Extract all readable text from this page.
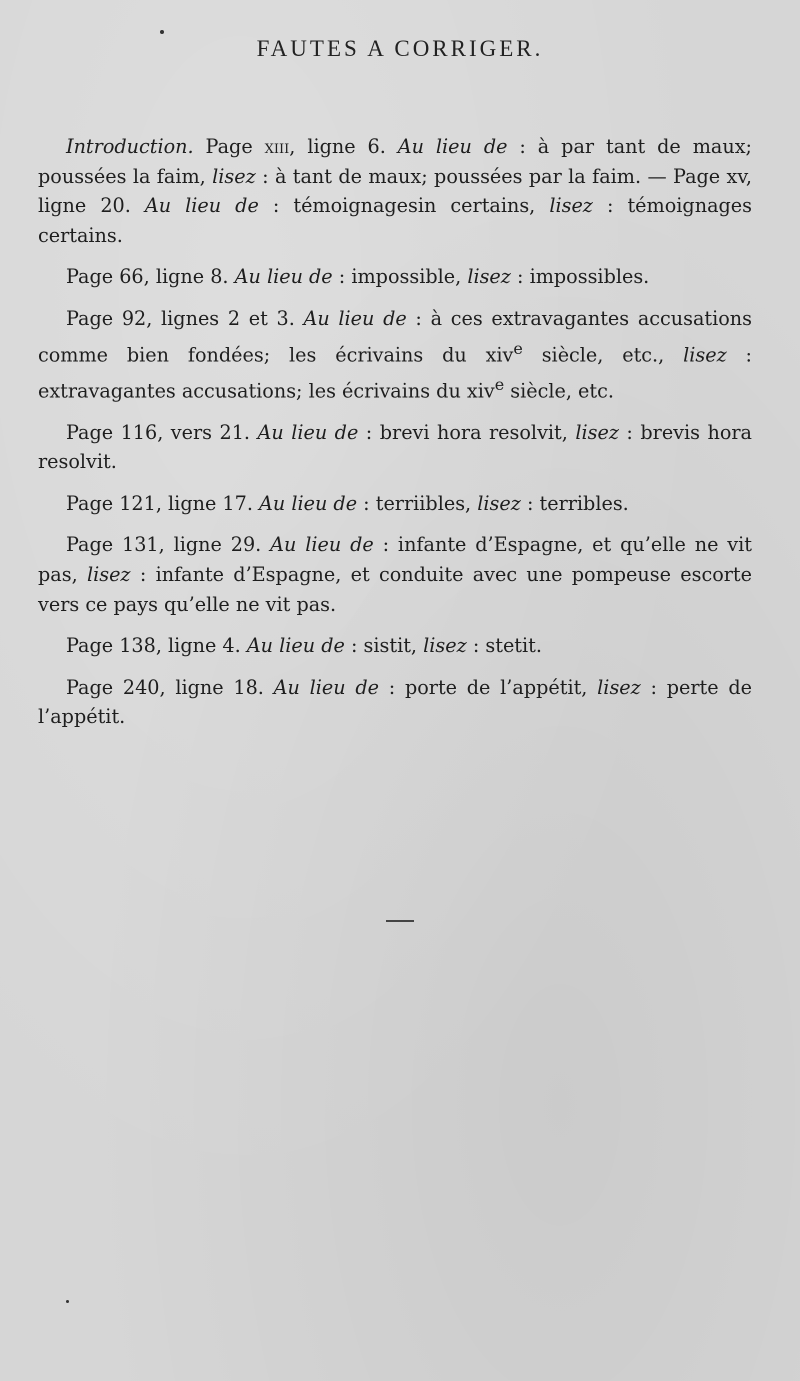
FAUTES A CORRIGER.

Introduction. Page xiii, ligne 6. Au lieu de : à par tant de maux; poussées la faim, lisez : à tant de maux; poussées par la faim. — Page xv, ligne 20. Au lieu de : témoignagesin certains, lisez : témoignages certains.

Page 66, ligne 8. Au lieu de : impossible, lisez : impossibles.

Page 92, lignes 2 et 3. Au lieu de : à ces extravagantes accusations comme bien fondées; les écrivains du xiv$^e$ siècle, etc., lisez : extravagantes accusations; les écrivains du xiv$^e$ siècle, etc.

Page 116, vers 21. Au lieu de : brevi hora resolvit, lisez : brevis hora resolvit.

Page 121, ligne 17. Au lieu de : terriibles, lisez : terribles.

Page 131, ligne 29. Au lieu de : infante d’Espagne, et qu’elle ne vit pas, lisez : infante d’Espagne, et conduite avec une pompeuse escorte vers ce pays qu’elle ne vit pas.

Page 138, ligne 4. Au lieu de : sistit, lisez : stetit.

Page 240, ligne 18. Au lieu de : porte de l’appétit, lisez : perte de l’appétit.
